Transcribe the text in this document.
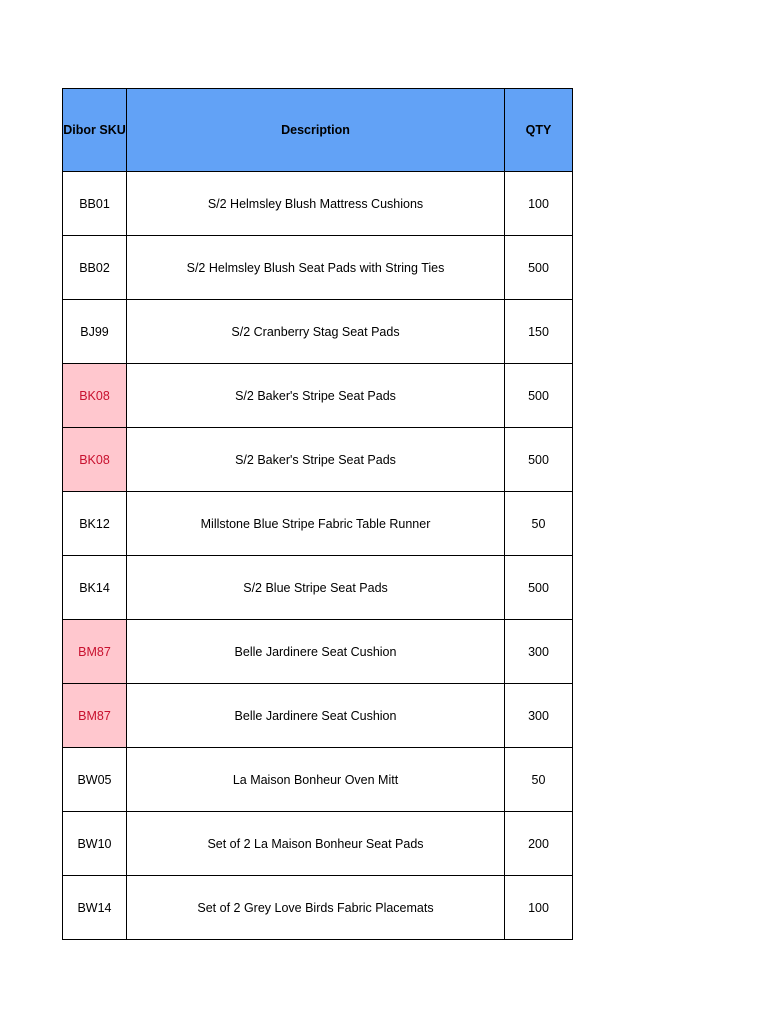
Dibor SKU	Description	QTY
BB01	S/2 Helmsley Blush Mattress Cushions	100
BB02	S/2 Helmsley Blush Seat Pads with String Ties	500
BJ99	S/2 Cranberry Stag Seat Pads	150
BK08	S/2 Baker's Stripe Seat Pads	500
BK08	S/2 Baker's Stripe Seat Pads	500
BK12	Millstone Blue Stripe Fabric Table Runner	50
BK14	S/2 Blue Stripe Seat Pads	500
BM87	Belle Jardinere Seat Cushion	300
BM87	Belle Jardinere Seat Cushion	300
BW05	La Maison Bonheur Oven Mitt	50
BW10	Set of 2 La Maison Bonheur Seat Pads	200
BW14	Set of 2 Grey Love Birds Fabric Placemats	100
